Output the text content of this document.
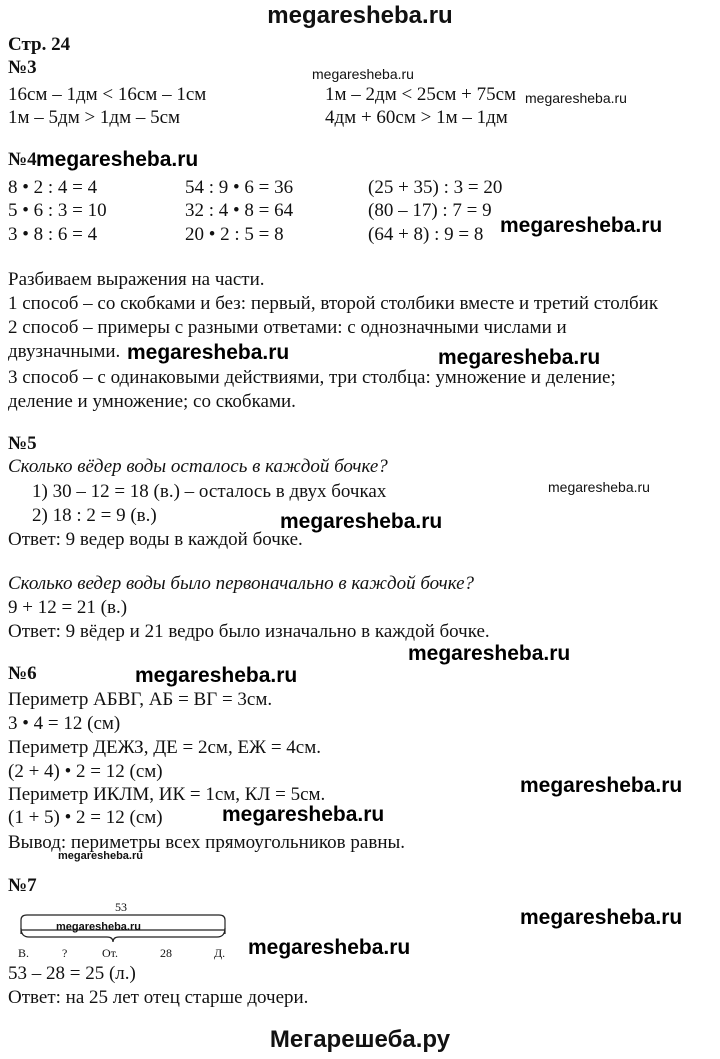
megaresheba.ru
Стр. 24
№3
16см – 1дм < 16см – 1см	1м – 2дм < 25см + 75см
1м – 5дм > 1дм – 5см	4дм + 60см > 1м – 1дм
№4
8 • 2 : 4 = 4	54 : 9 • 6 = 36	(25 + 35) : 3 = 20
5 • 6 : 3 = 10	32 : 4 • 8 = 64	(80 – 17) : 7 = 9
3 • 8 : 6 = 4	20 • 2 : 5 = 8	(64 + 8) : 9 = 8
Разбиваем выражения на части.
1 способ – со скобками и без: первый, второй столбики вместе и третий столбик
2 способ – примеры с разными ответами: с однозначными числами и
двузначными.
3 способ – с одинаковыми действиями, три столбца: умножение и деление;
деление и умножение; со скобками.
№5
Сколько вёдер воды осталось в каждой бочке?
1) 30 – 12 = 18 (в.) – осталось в двух бочках
2) 18 : 2 = 9 (в.)
Ответ: 9 ведер воды в каждой бочке.
Сколько ведер воды было первоначально в каждой бочке?
9 + 12 = 21 (в.)
Ответ: 9 вёдер и 21 ведро было изначально в каждой бочке.
№6
Периметр АБВГ, АБ = ВГ = 3см.
3 • 4 = 12 (см)
Периметр ДЕЖЗ, ДЕ = 2см, ЕЖ = 4см.
(2 + 4) • 2 = 12 (см)
Периметр ИКЛМ, ИК = 1см, КЛ = 5см.
(1 + 5) • 2 = 12 (см)
Вывод: периметры всех прямоугольников равны.
№7
53
В.	?	От.	28	Д.
53 – 28 = 25 (л.)
Ответ: на 25 лет отец старше дочери.
Мегарешеба.ру
megaresheba.ru
megaresheba.ru
megaresheba.ru
megaresheba.ru
megaresheba.ru	megaresheba.ru
megaresheba.ru
megaresheba.ru
megaresheba.ru
megaresheba.ru
megaresheba.ru
megaresheba.ru
megaresheba.ru
megaresheba.ru	megaresheba.ru
megaresheba.ru
